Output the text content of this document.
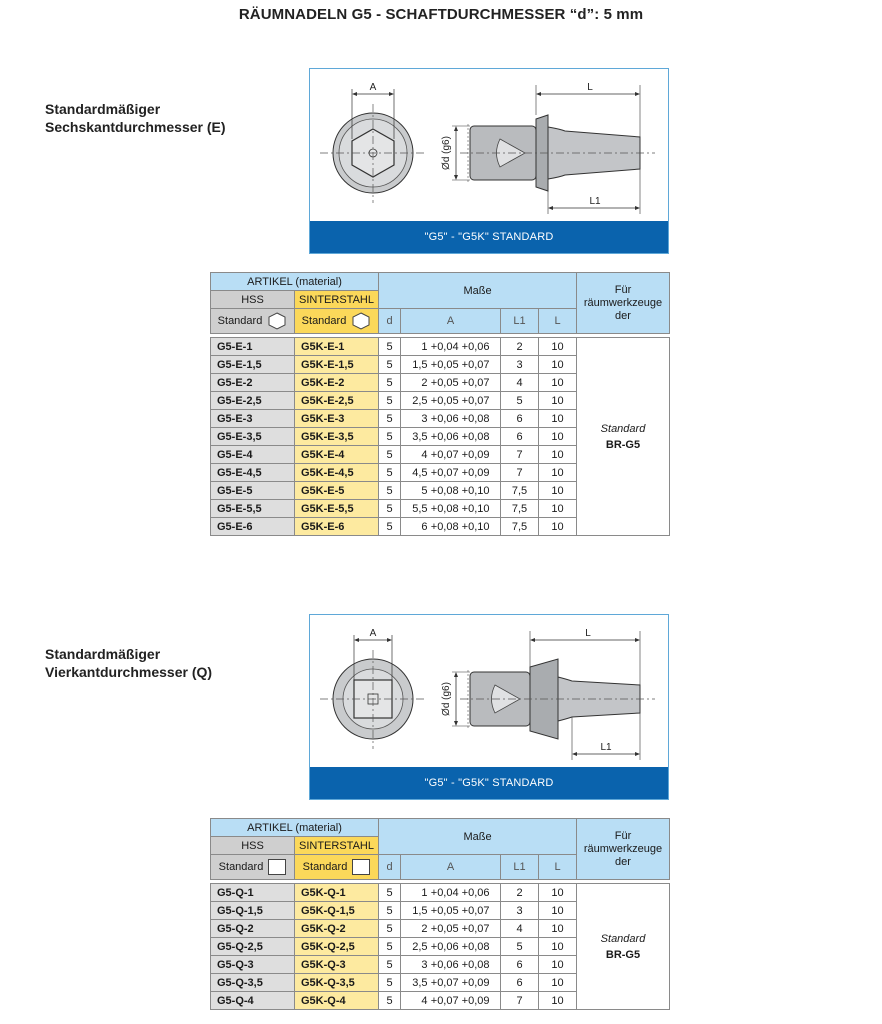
RÄUMNADELN G5 - SCHAFTDURCHMESSER “d”: 5 mm
Standardmäßiger
Sechskantdurchmesser (E)
A
Ød (g6)
L
L1
"G5" - "G5K" STANDARD
ARTIKEL (material)		Maße				Für räumwerkzeuge der
HSS	SINTERSTAHL					

Standard	Standard	d	A	L1	L	

G5-E-1	G5K-E-1	5	1 +0,04 +0,06	2	10	Standard
BR-G5

G5-E-1,5	G5K-E-1,5	5	1,5 +0,05 +0,07	3	10	
G5-E-2	G5K-E-2	5	2 +0,05 +0,07	4	10	
G5-E-2,5	G5K-E-2,5	5	2,5 +0,05 +0,07	5	10	
G5-E-3	G5K-E-3	5	3 +0,06 +0,08	6	10	
G5-E-3,5	G5K-E-3,5	5	3,5 +0,06 +0,08	6	10	
G5-E-4	G5K-E-4	5	4 +0,07 +0,09	7	10	
G5-E-4,5	G5K-E-4,5	5	4,5 +0,07 +0,09	7	10	
G5-E-5	G5K-E-5	5	5 +0,08 +0,10	7,5	10	
G5-E-5,5	G5K-E-5,5	5	5,5 +0,08 +0,10	7,5	10	
G5-E-6	G5K-E-6	5	6 +0,08 +0,10	7,5	10	
Standardmäßiger
Vierkantdurchmesser (Q)
A
Ød (g6)
L
L1
"G5" - "G5K" STANDARD
ARTIKEL (material)		Maße				Für räumwerkzeuge der
HSS	SINTERSTAHL					

Standard	Standard	d	A	L1	L	

G5-Q-1	G5K-Q-1	5	1 +0,04 +0,06	2	10	Standard
BR-G5

G5-Q-1,5	G5K-Q-1,5	5	1,5 +0,05 +0,07	3	10	
G5-Q-2	G5K-Q-2	5	2 +0,05 +0,07	4	10	
G5-Q-2,5	G5K-Q-2,5	5	2,5 +0,06 +0,08	5	10	
G5-Q-3	G5K-Q-3	5	3 +0,06 +0,08	6	10	
G5-Q-3,5	G5K-Q-3,5	5	3,5 +0,07 +0,09	6	10	
G5-Q-4	G5K-Q-4	5	4 +0,07 +0,09	7	10	
